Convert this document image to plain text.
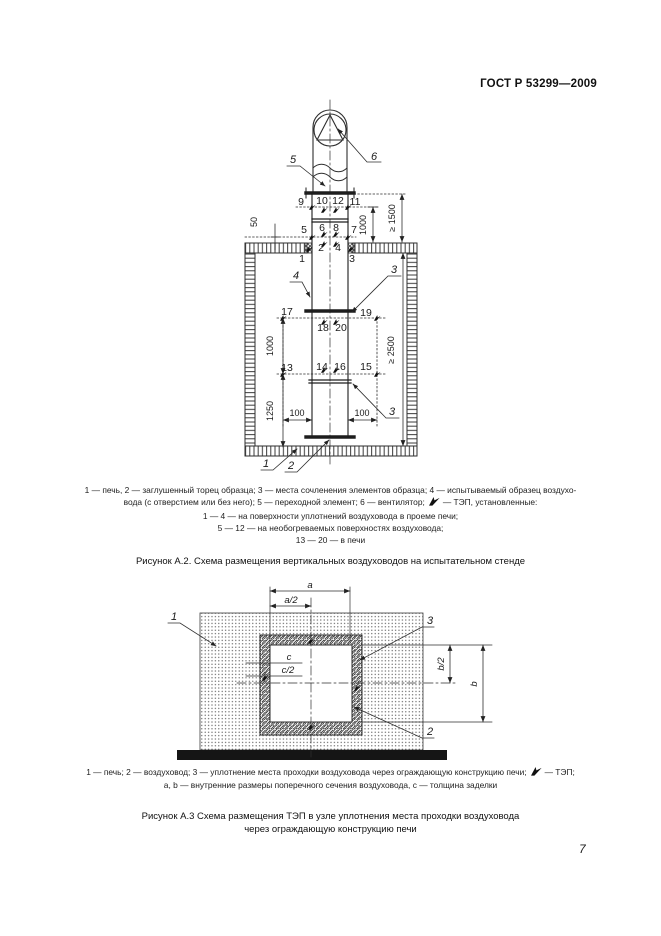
ГОСТ Р 53299—2009
50	1000 ≥ 1500
1000
1250 100	100
≥ 2500
9 10 12 11
5 6 8 7
2 4
1	3
17	19
18 20
13 14 16 15
5	6
4	3
3
1 2
a
a/2
b/2
b
c
c/2
1	3
2
1 — печь, 2 — заглушенный торец образца; 3 — места сочленения элементов образца; 4 — испытываемый образец воздухо-
вода (с отверстием или без него); 5 — переходной элемент; 6 — вентилятор; — ТЭП, установленные:
1 — 4 — на поверхности уплотнений воздуховода в проеме печи;
5 — 12 — на необогреваемых поверхностях воздуховода;
13 — 20 — в печи
Рисунок А.2. Схема размещения вертикальных воздуховодов на испытательном стенде
1 — печь; 2 — воздуховод; 3 — уплотнение места проходки воздуховода через ограждающую конструкцию печи; — ТЭП;
a, b — внутренние размеры поперечного сечения воздуховода, c — толщина заделки
Рисунок А.3 Схема размещения ТЭП в узле уплотнения места проходки воздуховода
через ограждающую конструкцию печи
7
